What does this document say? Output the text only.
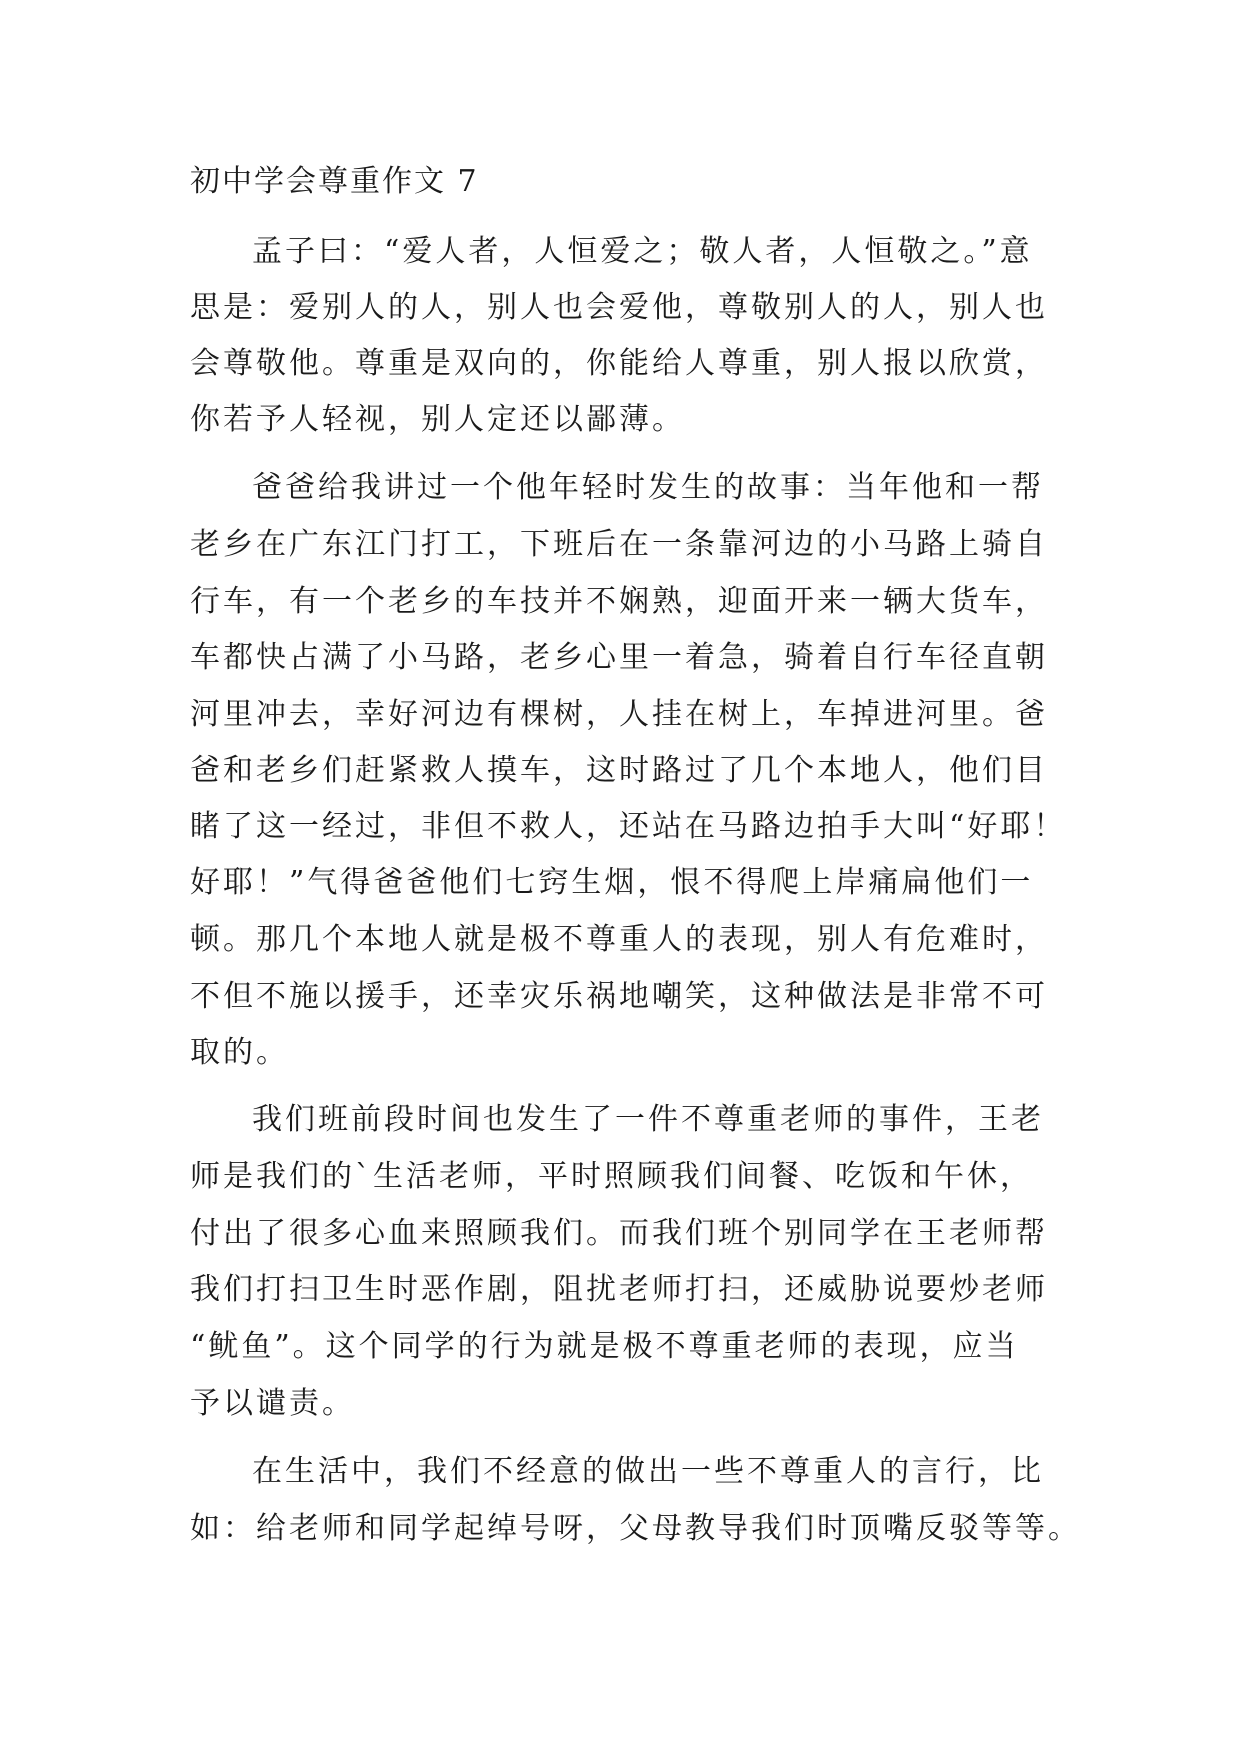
初中学会尊重作文 7
孟子曰：“爱人者，人恒爱之；敬人者，人恒敬之。”意
思是：爱别人的人，别人也会爱他，尊敬别人的人，别人也
会尊敬他。尊重是双向的，你能给人尊重，别人报以欣赏，
你若予人轻视，别人定还以鄙薄。
爸爸给我讲过一个他年轻时发生的故事：当年他和一帮
老乡在广东江门打工，下班后在一条靠河边的小马路上骑自
行车，有一个老乡的车技并不娴熟，迎面开来一辆大货车，
车都快占满了小马路，老乡心里一着急，骑着自行车径直朝
河里冲去，幸好河边有棵树，人挂在树上，车掉进河里。爸
爸和老乡们赶紧救人摸车，这时路过了几个本地人，他们目
睹了这一经过，非但不救人，还站在马路边拍手大叫“好耶！
好耶！”气得爸爸他们七窍生烟，恨不得爬上岸痛扁他们一
顿。那几个本地人就是极不尊重人的表现，别人有危难时，
不但不施以援手，还幸灾乐祸地嘲笑，这种做法是非常不可
取的。
我们班前段时间也发生了一件不尊重老师的事件，王老
师是我们的`生活老师，平时照顾我们间餐、吃饭和午休，
付出了很多心血来照顾我们。而我们班个别同学在王老师帮
我们打扫卫生时恶作剧，阻扰老师打扫，还威胁说要炒老师
“鱿鱼”。这个同学的行为就是极不尊重老师的表现，应当
予以谴责。
在生活中，我们不经意的做出一些不尊重人的言行，比
如：给老师和同学起绰号呀，父母教导我们时顶嘴反驳等等。
